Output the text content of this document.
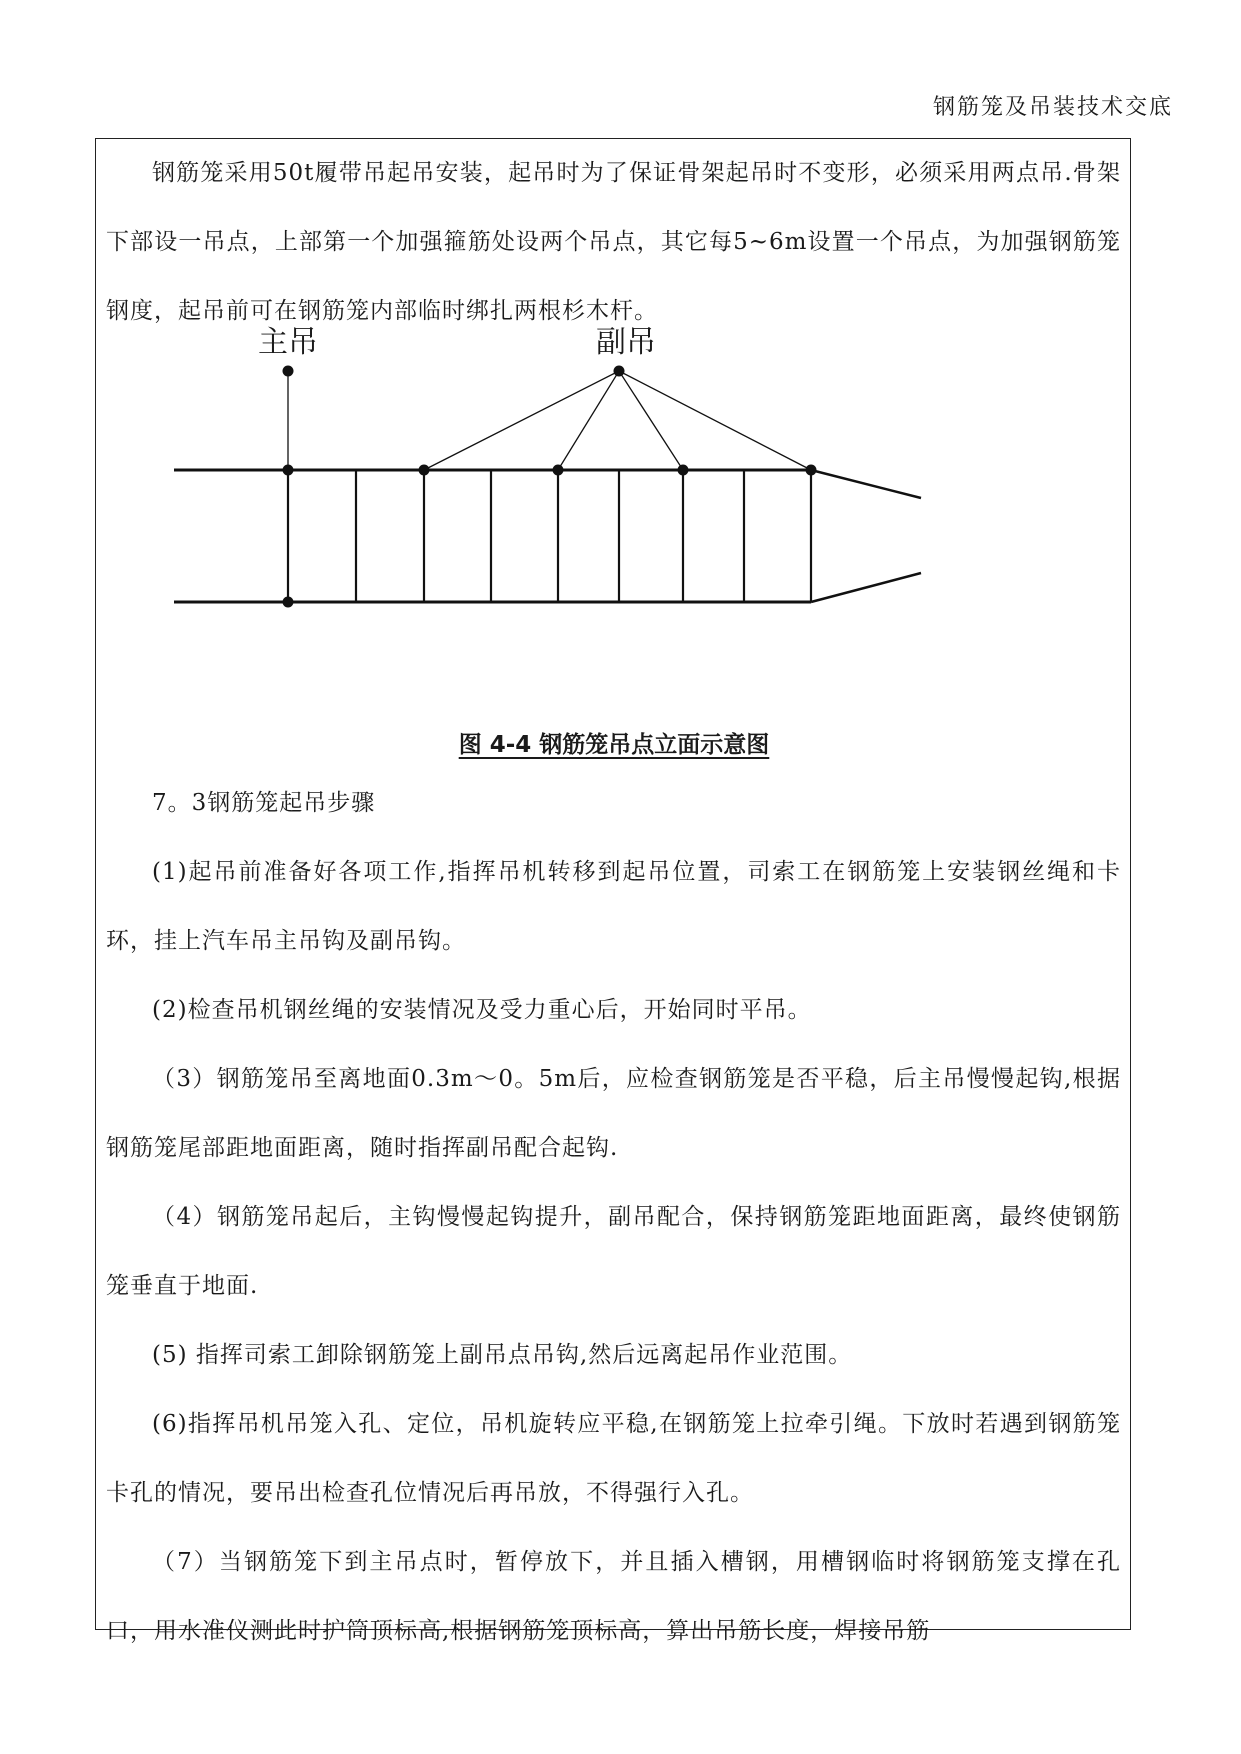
钢筋笼及吊装技术交底

钢筋笼采用50t履带吊起吊安装，起吊时为了保证骨架起吊时不变形，必须采用两点吊.骨架下部设一吊点，上部第一个加强箍筋处设两个吊点，其它每5~6m设置一个吊点，为加强钢筋笼钢度，起吊前可在钢筋笼内部临时绑扎两根杉木杆。

主吊	副吊
图 4-4 钢筋笼吊点立面示意图

7。3钢筋笼起吊步骤

(1)起吊前准备好各项工作,指挥吊机转移到起吊位置，司索工在钢筋笼上安装钢丝绳和卡环，挂上汽车吊主吊钩及副吊钩。

(2)检查吊机钢丝绳的安装情况及受力重心后，开始同时平吊。

（3）钢筋笼吊至离地面0.3m～0。5m后，应检查钢筋笼是否平稳，后主吊慢慢起钩,根据钢筋笼尾部距地面距离，随时指挥副吊配合起钩.

（4）钢筋笼吊起后，主钩慢慢起钩提升，副吊配合，保持钢筋笼距地面距离，最终使钢筋笼垂直于地面.

(5) 指挥司索工卸除钢筋笼上副吊点吊钩,然后远离起吊作业范围。

(6)指挥吊机吊笼入孔、定位，吊机旋转应平稳,在钢筋笼上拉牵引绳。下放时若遇到钢筋笼卡孔的情况，要吊出检查孔位情况后再吊放，不得强行入孔。

（7）当钢筋笼下到主吊点时，暂停放下，并且插入槽钢，用槽钢临时将钢筋笼支撑在孔口，用水准仪测此时护筒顶标高,根据钢筋笼顶标高，算出吊筋长度，焊接吊筋
